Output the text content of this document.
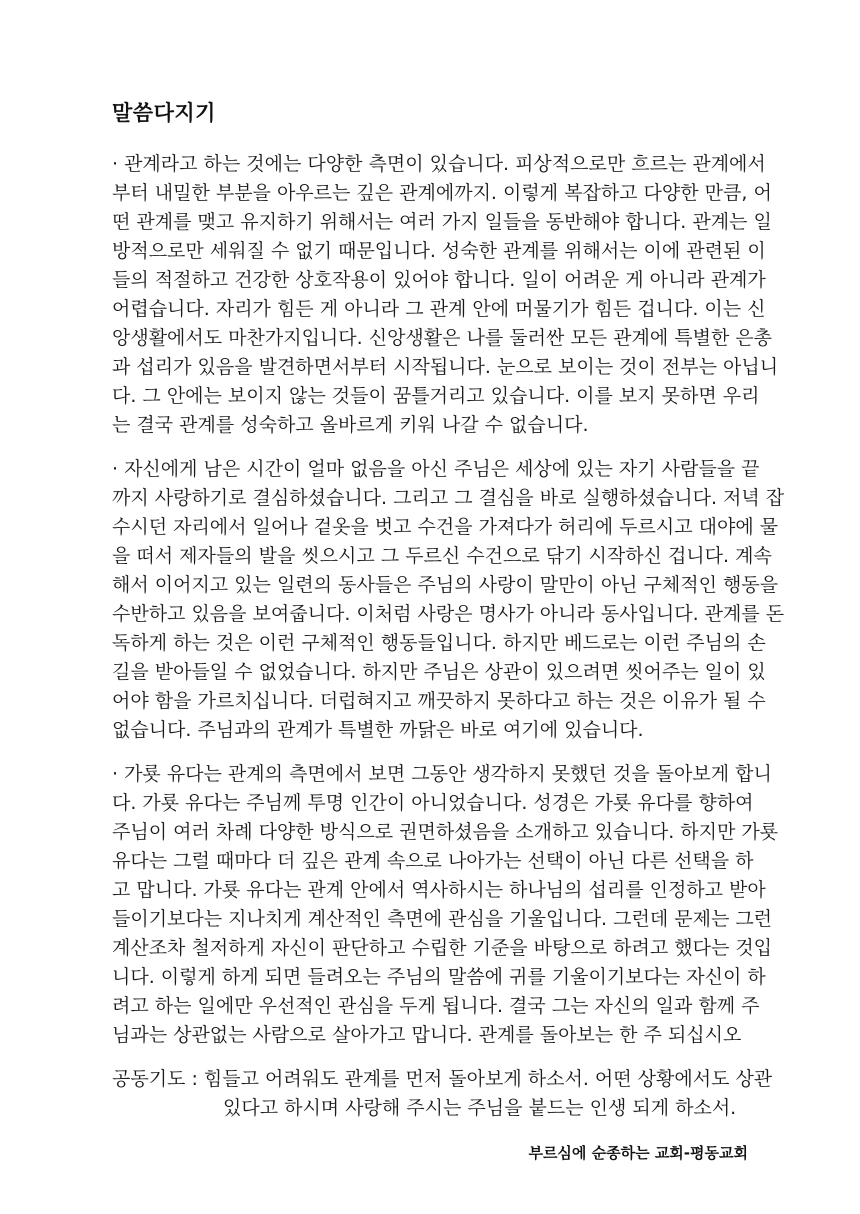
말씀다지기
· 관계라고 하는 것에는 다양한 측면이 있습니다. 피상적으로만 흐르는 관계에서
부터 내밀한 부분을 아우르는 깊은 관계에까지. 이렇게 복잡하고 다양한 만큼, 어
떤 관계를 맺고 유지하기 위해서는 여러 가지 일들을 동반해야 합니다. 관계는 일
방적으로만 세워질 수 없기 때문입니다. 성숙한 관계를 위해서는 이에 관련된 이
들의 적절하고 건강한 상호작용이 있어야 합니다. 일이 어려운 게 아니라 관계가
어렵습니다. 자리가 힘든 게 아니라 그 관계 안에 머물기가 힘든 겁니다. 이는 신
앙생활에서도 마찬가지입니다. 신앙생활은 나를 둘러싼 모든 관계에 특별한 은총
과 섭리가 있음을 발견하면서부터 시작됩니다. 눈으로 보이는 것이 전부는 아닙니
다. 그 안에는 보이지 않는 것들이 꿈틀거리고 있습니다. 이를 보지 못하면 우리
는 결국 관계를 성숙하고 올바르게 키워 나갈 수 없습니다.
· 자신에게 남은 시간이 얼마 없음을 아신 주님은 세상에 있는 자기 사람들을 끝
까지 사랑하기로 결심하셨습니다. 그리고 그 결심을 바로 실행하셨습니다. 저녁 잡
수시던 자리에서 일어나 겉옷을 벗고 수건을 가져다가 허리에 두르시고 대야에 물
을 떠서 제자들의 발을 씻으시고 그 두르신 수건으로 닦기 시작하신 겁니다. 계속
해서 이어지고 있는 일련의 동사들은 주님의 사랑이 말만이 아닌 구체적인 행동을
수반하고 있음을 보여줍니다. 이처럼 사랑은 명사가 아니라 동사입니다. 관계를 돈
독하게 하는 것은 이런 구체적인 행동들입니다. 하지만 베드로는 이런 주님의 손
길을 받아들일 수 없었습니다. 하지만 주님은 상관이 있으려면 씻어주는 일이 있
어야 함을 가르치십니다. 더럽혀지고 깨끗하지 못하다고 하는 것은 이유가 될 수
없습니다. 주님과의 관계가 특별한 까닭은 바로 여기에 있습니다.
· 가룟 유다는 관계의 측면에서 보면 그동안 생각하지 못했던 것을 돌아보게 합니
다. 가룟 유다는 주님께 투명 인간이 아니었습니다. 성경은 가룟 유다를 향하여
주님이 여러 차례 다양한 방식으로 권면하셨음을 소개하고 있습니다. 하지만 가룟
유다는 그럴 때마다 더 깊은 관계 속으로 나아가는 선택이 아닌 다른 선택을 하
고 맙니다. 가룟 유다는 관계 안에서 역사하시는 하나님의 섭리를 인정하고 받아
들이기보다는 지나치게 계산적인 측면에 관심을 기울입니다. 그런데 문제는 그런
계산조차 철저하게 자신이 판단하고 수립한 기준을 바탕으로 하려고 했다는 것입
니다. 이렇게 하게 되면 들려오는 주님의 말씀에 귀를 기울이기보다는 자신이 하
려고 하는 일에만 우선적인 관심을 두게 됩니다. 결국 그는 자신의 일과 함께 주
님과는 상관없는 사람으로 살아가고 맙니다. 관계를 돌아보는 한 주 되십시오
공동기도 : 힘들고 어려워도 관계를 먼저 돌아보게 하소서. 어떤 상황에서도 상관
있다고 하시며 사랑해 주시는 주님을 붙드는 인생 되게 하소서.
부르심에 순종하는 교회-평동교회
